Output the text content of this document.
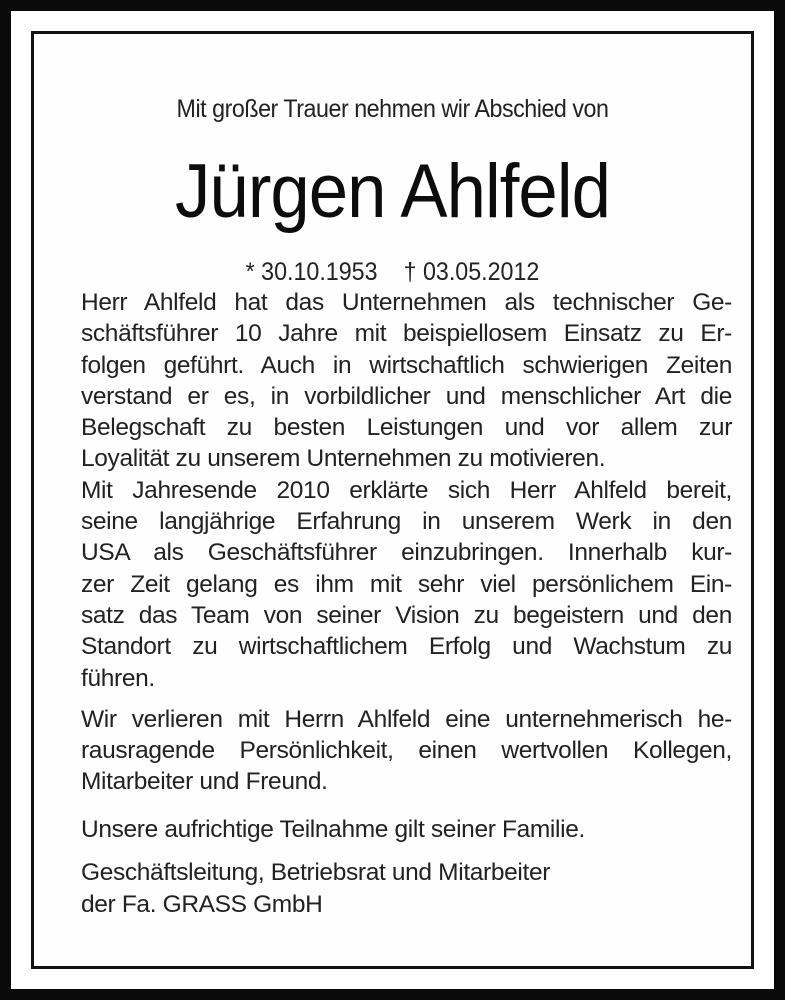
Mit großer Trauer nehmen wir Abschied von
Jürgen Ahlfeld
* 30.10.1953 † 03.05.2012

Herr Ahlfeld hat das Unternehmen als technischer Ge-
schäftsführer 10 Jahre mit beispiellosem Einsatz zu Er-
folgen geführt. Auch in wirtschaftlich schwierigen Zeiten
verstand er es, in vorbildlicher und menschlicher Art die
Belegschaft zu besten Leistungen und vor allem zur
Loyalität zu unserem Unternehmen zu motivieren.

Mit Jahresende 2010 erklärte sich Herr Ahlfeld bereit,
seine langjährige Erfahrung in unserem Werk in den
USA als Geschäftsführer einzubringen. Innerhalb kur-
zer Zeit gelang es ihm mit sehr viel persönlichem Ein-
satz das Team von seiner Vision zu begeistern und den
Standort zu wirtschaftlichem Erfolg und Wachstum zu
führen.

Wir verlieren mit Herrn Ahlfeld eine unternehmerisch he-
rausragende Persönlichkeit, einen wertvollen Kollegen,
Mitarbeiter und Freund.

Unsere aufrichtige Teilnahme gilt seiner Familie.

Geschäftsleitung, Betriebsrat und Mitarbeiter
der Fa. GRASS GmbH
